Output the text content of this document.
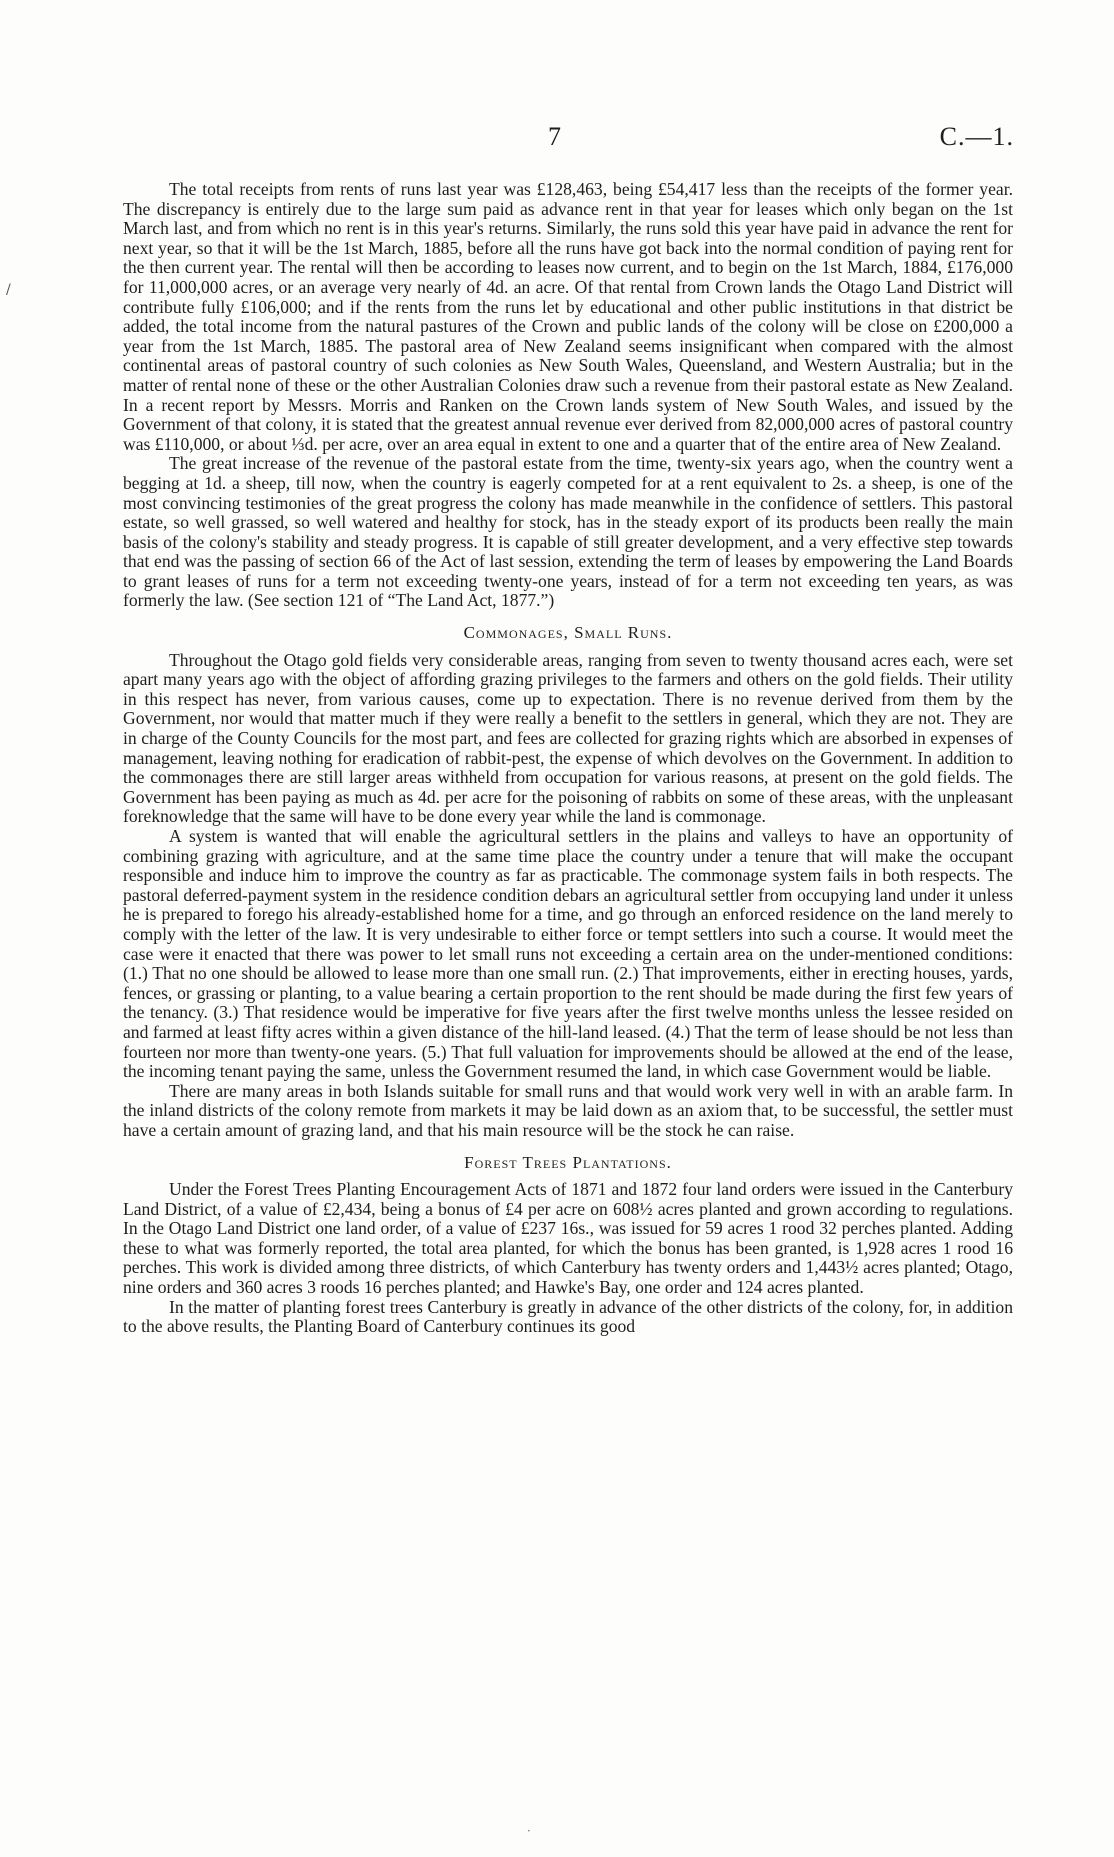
7	C.—1.
/

The total receipts from rents of runs last year was £128,463, being £54,417 less than the receipts of the former year. The discrepancy is entirely due to the large sum paid as advance rent in that year for leases which only began on the 1st March last, and from which no rent is in this year's returns. Similarly, the runs sold this year have paid in advance the rent for next year, so that it will be the 1st March, 1885, before all the runs have got back into the normal condition of paying rent for the then current year. The rental will then be according to leases now current, and to begin on the 1st March, 1884, £176,000 for 11,000,000 acres, or an average very nearly of 4d. an acre. Of that rental from Crown lands the Otago Land District will contribute fully £106,000; and if the rents from the runs let by educational and other public institutions in that district be added, the total income from the natural pastures of the Crown and public lands of the colony will be close on £200,000 a year from the 1st March, 1885. The pastoral area of New Zealand seems insignificant when compared with the almost continental areas of pastoral country of such colonies as New South Wales, Queensland, and Western Australia; but in the matter of rental none of these or the other Australian Colonies draw such a revenue from their pastoral estate as New Zealand. In a recent report by Messrs. Morris and Ranken on the Crown lands system of New South Wales, and issued by the Government of that colony, it is stated that the greatest annual revenue ever derived from 82,000,000 acres of pastoral country was £110,000, or about ⅓d. per acre, over an area equal in extent to one and a quarter that of the entire area of New Zealand.

The great increase of the revenue of the pastoral estate from the time, twenty-six years ago, when the country went a begging at 1d. a sheep, till now, when the country is eagerly competed for at a rent equivalent to 2s. a sheep, is one of the most convincing testimonies of the great progress the colony has made meanwhile in the confidence of settlers. This pastoral estate, so well grassed, so well watered and healthy for stock, has in the steady export of its products been really the main basis of the colony's stability and steady progress. It is capable of still greater development, and a very effective step towards that end was the passing of section 66 of the Act of last session, extending the term of leases by empowering the Land Boards to grant leases of runs for a term not exceeding twenty-one years, instead of for a term not exceeding ten years, as was formerly the law. (See section 121 of “The Land Act, 1877.”)

Commonages, Small Runs.

Throughout the Otago gold fields very considerable areas, ranging from seven to twenty thousand acres each, were set apart many years ago with the object of affording grazing privileges to the farmers and others on the gold fields. Their utility in this respect has never, from various causes, come up to expectation. There is no revenue derived from them by the Government, nor would that matter much if they were really a benefit to the settlers in general, which they are not. They are in charge of the County Councils for the most part, and fees are collected for grazing rights which are absorbed in expenses of management, leaving nothing for eradication of rabbit-pest, the expense of which devolves on the Government. In addition to the commonages there are still larger areas withheld from occupation for various reasons, at present on the gold fields. The Government has been paying as much as 4d. per acre for the poisoning of rabbits on some of these areas, with the unpleasant foreknowledge that the same will have to be done every year while the land is commonage.

A system is wanted that will enable the agricultural settlers in the plains and valleys to have an opportunity of combining grazing with agriculture, and at the same time place the country under a tenure that will make the occupant responsible and induce him to improve the country as far as practicable. The commonage system fails in both respects. The pastoral deferred-payment system in the residence condition debars an agricultural settler from occupying land under it unless he is prepared to forego his already-established home for a time, and go through an enforced residence on the land merely to comply with the letter of the law. It is very undesirable to either force or tempt settlers into such a course. It would meet the case were it enacted that there was power to let small runs not exceeding a certain area on the under-mentioned conditions: (1.) That no one should be allowed to lease more than one small run. (2.) That improvements, either in erecting houses, yards, fences, or grassing or planting, to a value bearing a certain proportion to the rent should be made during the first few years of the tenancy. (3.) That residence would be imperative for five years after the first twelve months unless the lessee resided on and farmed at least fifty acres within a given distance of the hill-land leased. (4.) That the term of lease should be not less than fourteen nor more than twenty-one years. (5.) That full valuation for improvements should be allowed at the end of the lease, the incoming tenant paying the same, unless the Government resumed the land, in which case Government would be liable.

There are many areas in both Islands suitable for small runs and that would work very well in with an arable farm. In the inland districts of the colony remote from markets it may be laid down as an axiom that, to be successful, the settler must have a certain amount of grazing land, and that his main resource will be the stock he can raise.

Forest Trees Plantations.

Under the Forest Trees Planting Encouragement Acts of 1871 and 1872 four land orders were issued in the Canterbury Land District, of a value of £2,434, being a bonus of £4 per acre on 608½ acres planted and grown according to regulations. In the Otago Land District one land order, of a value of £237 16s., was issued for 59 acres 1 rood 32 perches planted. Adding these to what was formerly reported, the total area planted, for which the bonus has been granted, is 1,928 acres 1 rood 16 perches. This work is divided among three districts, of which Canterbury has twenty orders and 1,443½ acres planted; Otago, nine orders and 360 acres 3 roods 16 perches planted; and Hawke's Bay, one order and 124 acres planted.

In the matter of planting forest trees Canterbury is greatly in advance of the other districts of the colony, for, in addition to the above results, the Planting Board of Canterbury continues its good

·
